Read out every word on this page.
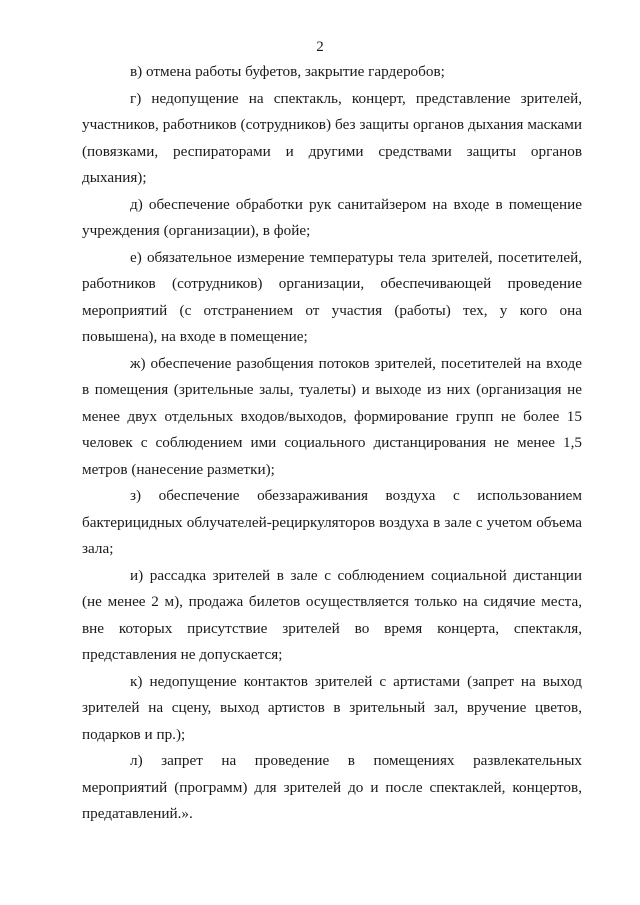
2

в) отмена работы буфетов, закрытие гардеробов;

г) недопущение на спектакль, концерт, представление зрителей, участников, работников (сотрудников) без защиты органов дыхания масками (повязками, респираторами и другими средствами защиты органов дыхания);

д) обеспечение обработки рук санитайзером на входе в помещение учреждения (организации), в фойе;

е) обязательное измерение температуры тела зрителей, посетителей, работников (сотрудников) организации, обеспечивающей проведение мероприятий (с отстранением от участия (работы) тех, у кого она повышена), на входе в помещение;

ж) обеспечение разобщения потоков зрителей, посетителей на входе в помещения (зрительные залы, туалеты) и выходе из них (организация не менее двух отдельных входов/выходов, формирование групп не более 15 человек с соблюдением ими социального дистанцирования не менее 1,5 метров (нанесение разметки);

з) обеспечение обеззараживания воздуха с использованием бактерицидных облучателей-рециркуляторов воздуха в зале с учетом объема зала;

и) рассадка зрителей в зале с соблюдением социальной дистанции (не менее 2 м), продажа билетов осуществляется только на сидячие места, вне которых присутствие зрителей во время концерта, спектакля, представления не допускается;

к) недопущение контактов зрителей с артистами (запрет на выход зрителей на сцену, выход артистов в зрительный зал, вручение цветов, подарков и пр.);

л) запрет на проведение в помещениях развлекательных мероприятий (программ) для зрителей до и после спектаклей, концертов, предатавлений.».
